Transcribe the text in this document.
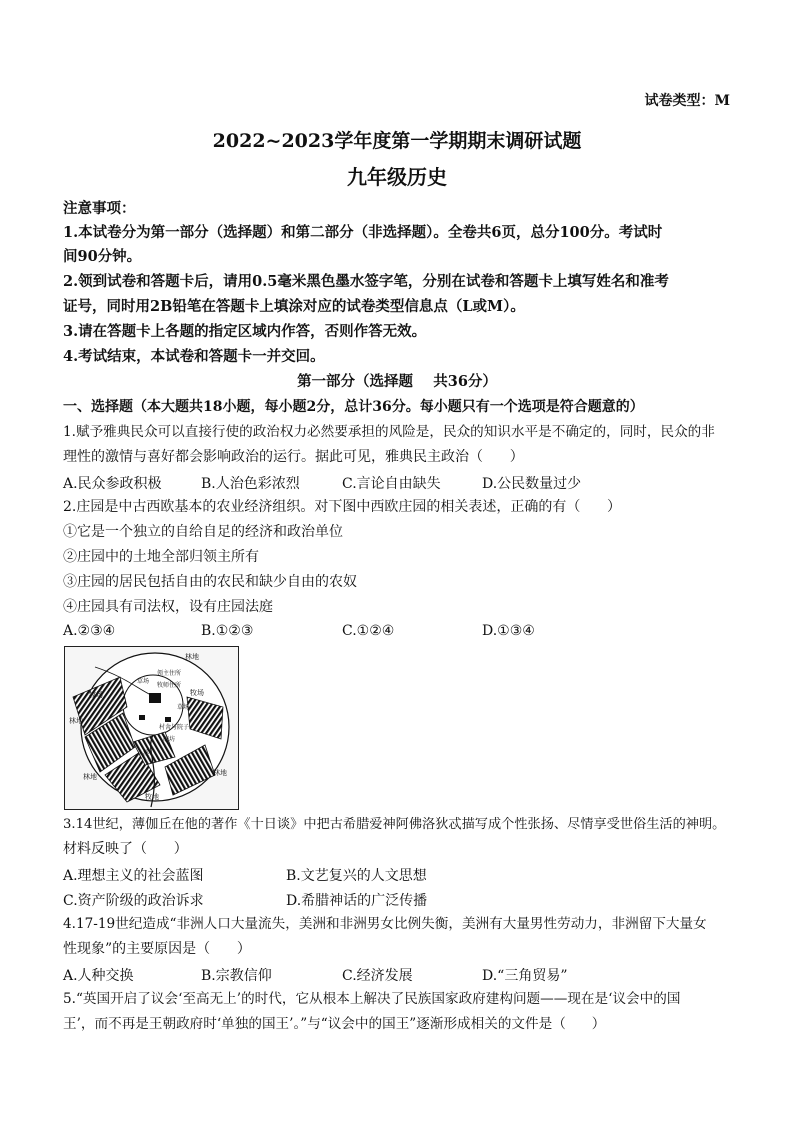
试卷类型：M
2022~2023学年度第一学期期末调研试题
九年级历史
注意事项：
1.本试卷分为第一部分（选择题）和第二部分（非选择题）。全卷共6页，总分100分。考试时
间90分钟。
2.领到试卷和答题卡后，请用0.5毫米黑色墨水签字笔，分别在试卷和答题卡上填写姓名和准考
证号，同时用2B铅笔在答题卡上填涂对应的试卷类型信息点（L或M）。
3.请在答题卡上各题的指定区域内作答，否则作答无效。
4.考试结束，本试卷和答题卡一并交回。
第一部分（选择题    共36分）
一、选择题（本大题共18小题，每小题2分，总计36分。每小题只有一个选项是符合题意的）
1.赋予雅典民众可以直接行使的政治权力必然要承担的风险是，民众的知识水平是不确定的，同时，民众的非
理性的激情与喜好都会影响政治的运行。据此可见，雅典民主政治（      ）
A.民众参政积极	B.人治色彩浓烈	C.言论自由缺失	D.公民数量过少
2.庄园是中古西欧基本的农业经济组织。对下图中西欧庄园的相关表述，正确的有（      ）
①它是一个独立的自给自足的经济和政治单位
②庄园中的土地全部归领主所有
③庄园的居民包括自由的农民和缺少自由的农奴
④庄园具有司法权，设有庄园法庭
A.②③④	B.①②③	C.①②④	D.①③④
林地
牧场
领主住所
牧师住所
草场
林地
牧场
草场
小溪
磨坊
村舍与院子
林地
林地
牧地
3.14世纪，薄伽丘在他的著作《十日谈》中把古希腊爱神阿佛洛狄忒描写成个性张扬、尽情享受世俗生活的神明。
材料反映了（      ）
A.理想主义的社会蓝图	B.文艺复兴的人文思想
C.资产阶级的政治诉求	D.希腊神话的广泛传播
4.17-19世纪造成“非洲人口大量流失，美洲和非洲男女比例失衡，美洲有大量男性劳动力，非洲留下大量女
性现象”的主要原因是（      ）
A.人种交换	B.宗教信仰	C.经济发展	D.“三角贸易”
5.“英国开启了议会‘至高无上’的时代，它从根本上解决了民族国家政府建构问题——现在是‘议会中的国
王’，而不再是王朝政府时‘单独的国王’。”与“议会中的国王”逐渐形成相关的文件是（      ）
